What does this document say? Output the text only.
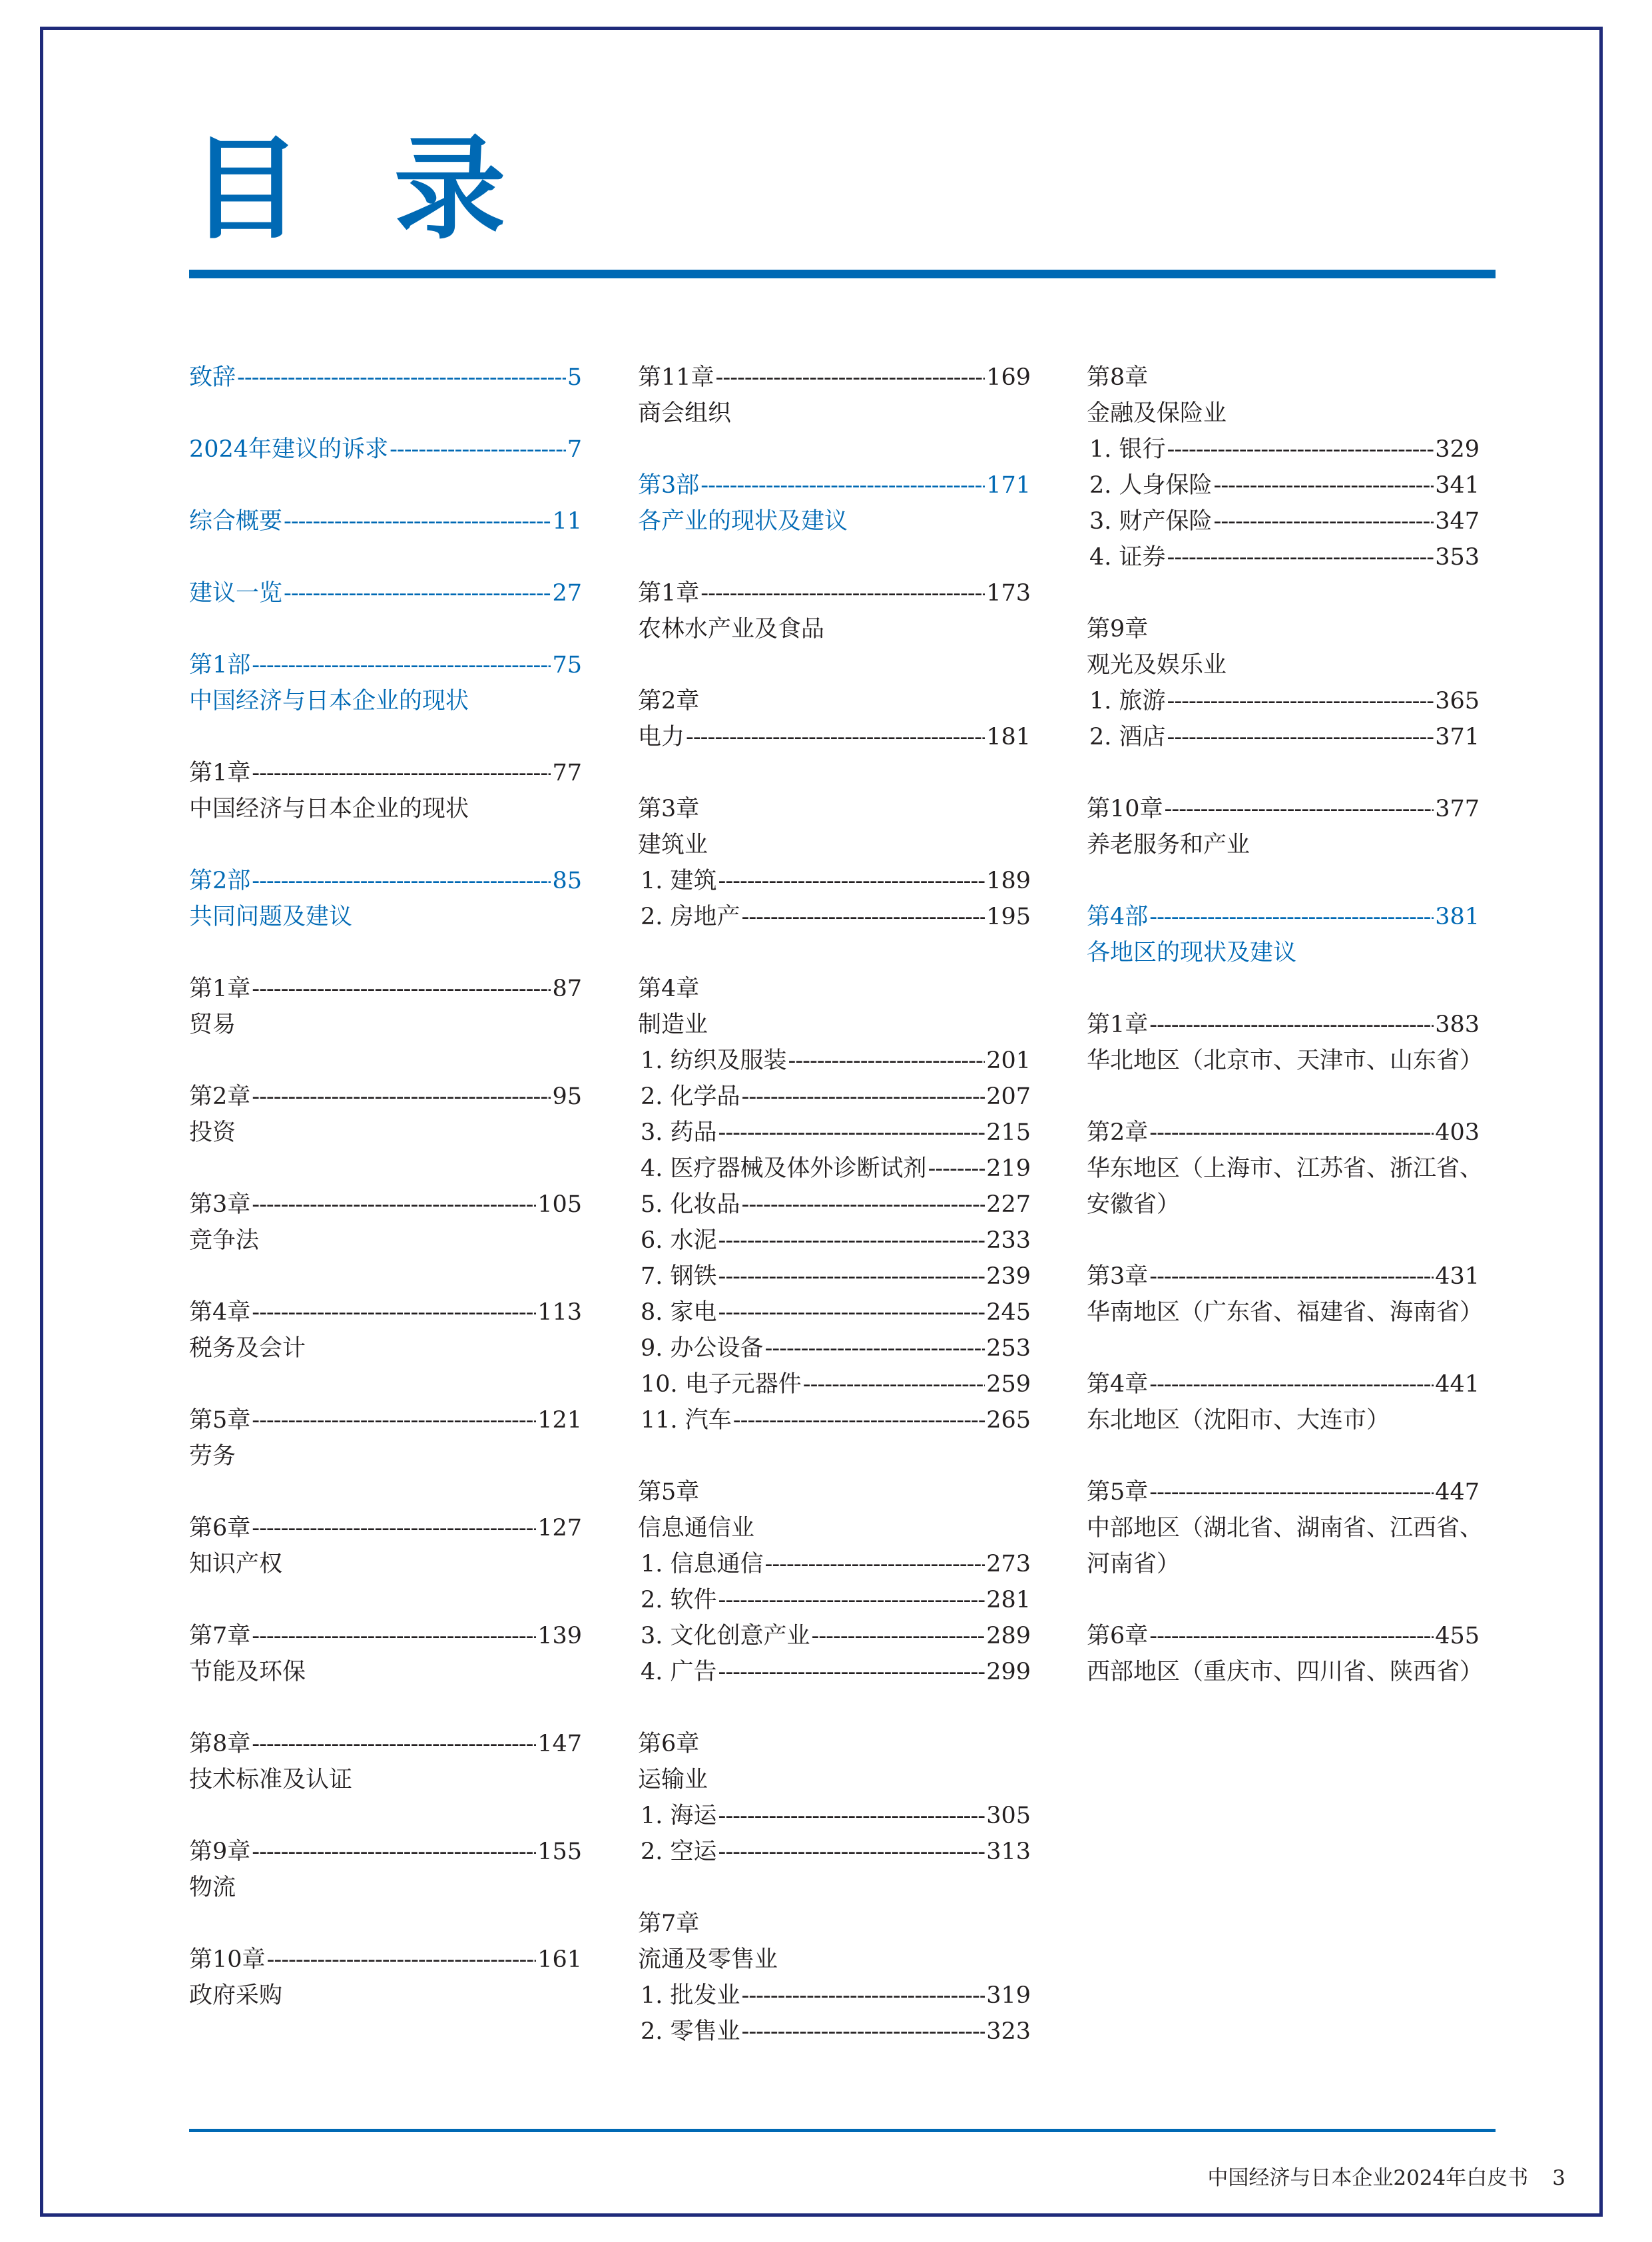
目 录
致辞 -----	5
2024年建议的诉求 -----	7
综合概要 -----	11
建议一览 -----	27
第1部 -----	75
中国经济与日本企业的现状
第1章 -----	77
中国经济与日本企业的现状
第2部 -----	85
共同问题及建议
第1章 -----	87
贸易
第2章 -----	95
投资
第3章 -----	105
竞争法
第4章 -----	113
税务及会计
第5章 -----	121
劳务
第6章 -----	127
知识产权
第7章 -----	139
节能及环保
第8章 -----	147
技术标准及认证
第9章 -----	155
物流
第10章 -----	161
政府采购
第11章 -----	169
商会组织
第3部 -----	171
各产业的现状及建议
第1章 -----	173
农林水产业及食品
第2章
电力 -----	181
第3章
建筑业
1. 建筑 -----	189
2. 房地产 -----	195
第4章
制造业
1. 纺织及服装 -----	201
2. 化学品 -----	207
3. 药品 -----	215
4. 医疗器械及体外诊断试剂 -----	219
5. 化妆品 -----	227
6. 水泥 -----	233
7. 钢铁 -----	239
8. 家电 -----	245
9. 办公设备 -----	253
10. 电子元器件 -----	259
11. 汽车 -----	265
第5章
信息通信业
1. 信息通信 -----	273
2. 软件 -----	281
3. 文化创意产业 -----	289
4. 广告 -----	299
第6章
运输业
1. 海运 -----	305
2. 空运 -----	313
第7章
流通及零售业
1. 批发业 -----	319
2. 零售业 -----	323
第8章
金融及保险业
1. 银行 -----	329
2. 人身保险 -----	341
3. 财产保险 -----	347
4. 证券 -----	353
第9章
观光及娱乐业
1. 旅游 -----	365
2. 酒店 -----	371
第10章 -----	377
养老服务和产业
第4部 -----	381
各地区的现状及建议
第1章 -----	383
华北地区（北京市、天津市、山东省）
第2章 -----	403
华东地区（上海市、江苏省、浙江省、
安徽省）
第3章 -----	431
华南地区（广东省、福建省、海南省）
第4章 -----	441
东北地区（沈阳市、大连市）
第5章 -----	447
中部地区（湖北省、湖南省、江西省、
河南省）
第6章 -----	455
西部地区（重庆市、四川省、陕西省）
中国经济与日本企业2024年白皮书 3
